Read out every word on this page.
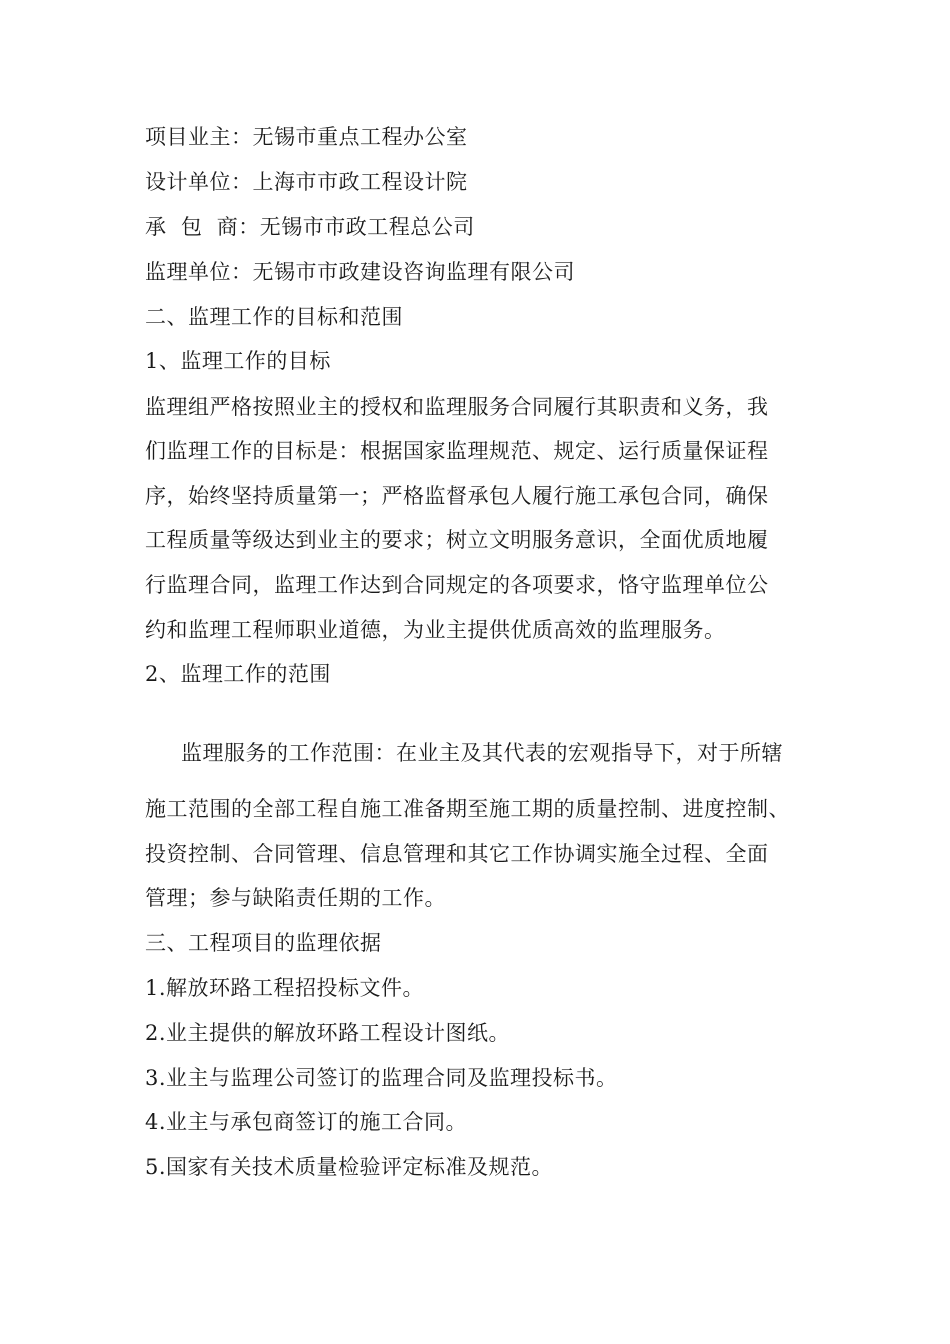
项目业主：无锡市重点工程办公室
设计单位：上海市市政工程设计院
承  包  商：无锡市市政工程总公司
监理单位：无锡市市政建设咨询监理有限公司
二、监理工作的目标和范围
1、监理工作的目标
监理组严格按照业主的授权和监理服务合同履行其职责和义务，我
们监理工作的目标是：根据国家监理规范、规定、运行质量保证程
序，始终坚持质量第一；严格监督承包人履行施工承包合同，确保
工程质量等级达到业主的要求；树立文明服务意识，全面优质地履
行监理合同，监理工作达到合同规定的各项要求，恪守监理单位公
约和监理工程师职业道德，为业主提供优质高效的监理服务。
2、监理工作的范围
监理服务的工作范围：在业主及其代表的宏观指导下，对于所辖
施工范围的全部工程自施工准备期至施工期的质量控制、进度控制、
投资控制、合同管理、信息管理和其它工作协调实施全过程、全面
管理；参与缺陷责任期的工作。
三、工程项目的监理依据
1.解放环路工程招投标文件。
2.业主提供的解放环路工程设计图纸。
3.业主与监理公司签订的监理合同及监理投标书。
4.业主与承包商签订的施工合同。
5.国家有关技术质量检验评定标准及规范。
